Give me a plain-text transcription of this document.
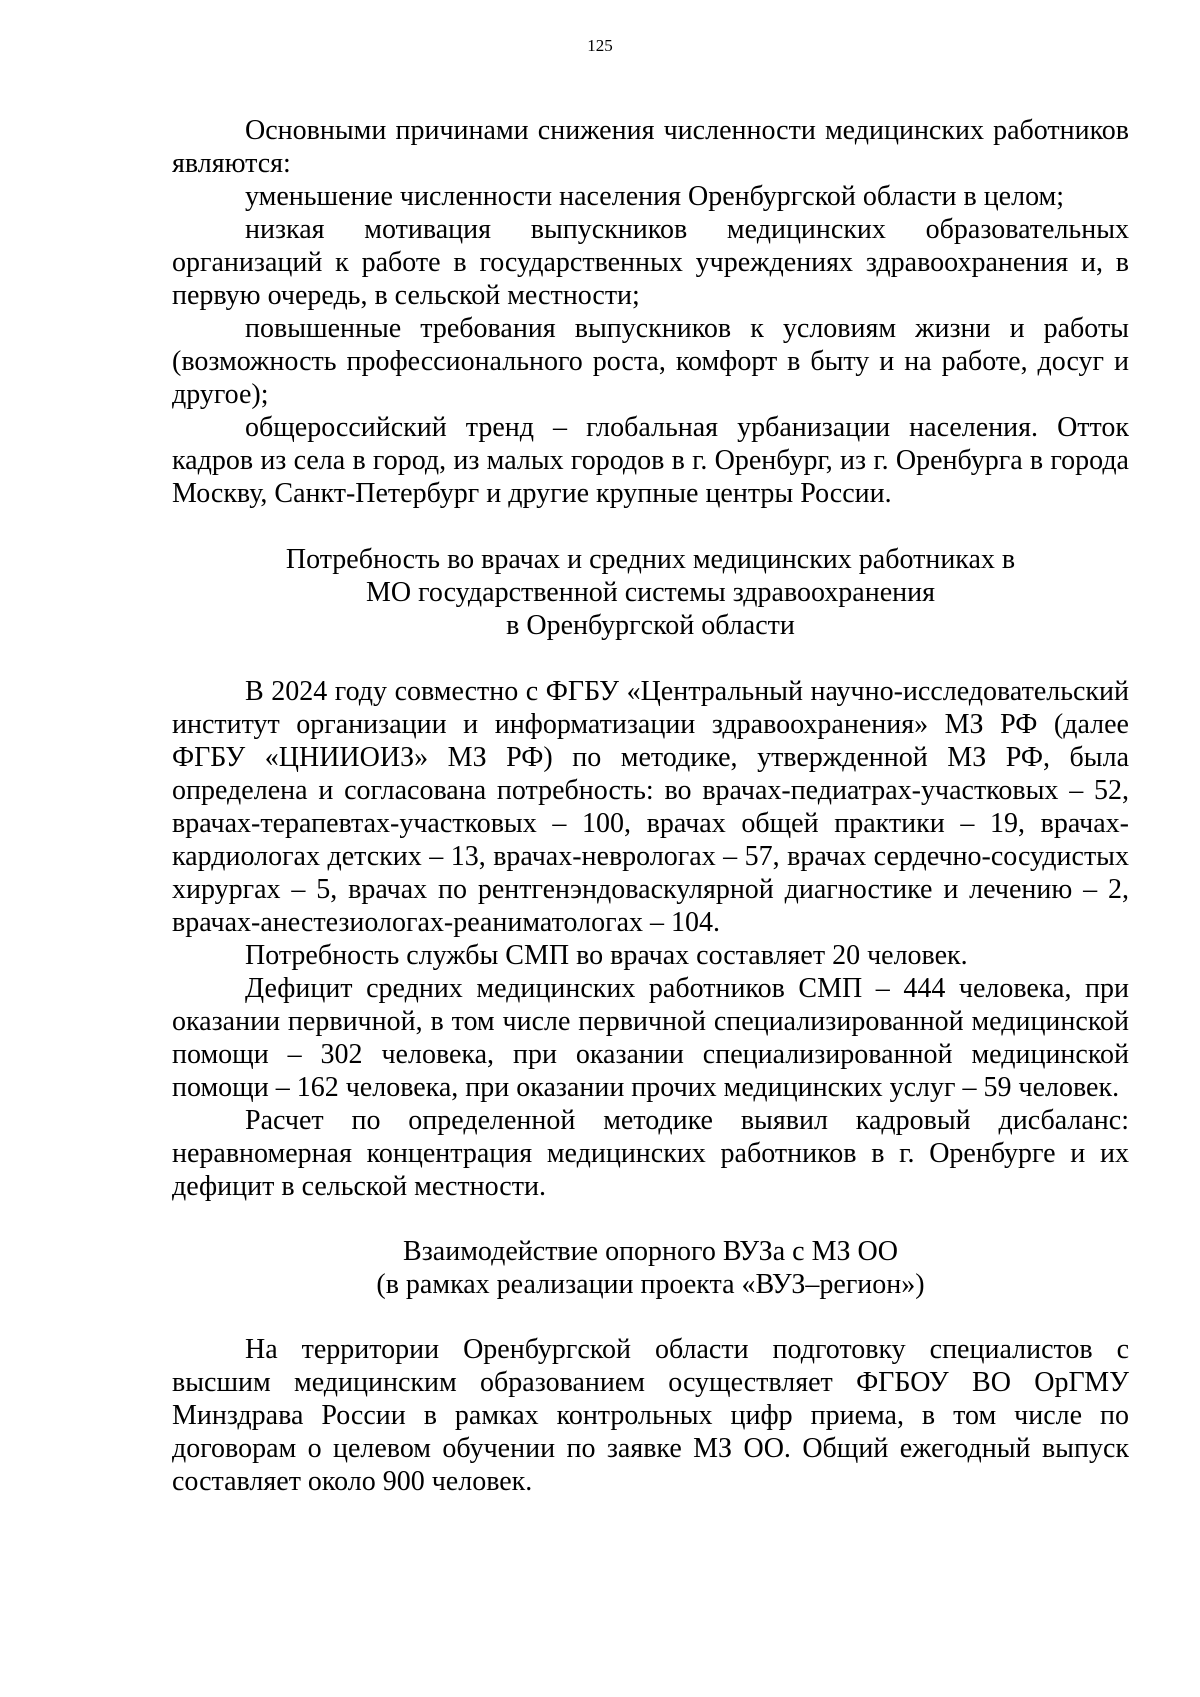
125

Основными причинами снижения численности медицинских работников являются:

уменьшение численности населения Оренбургской области в целом;

низкая мотивация выпускников медицинских образовательных организаций к работе в государственных учреждениях здравоохранения и, в первую очередь, в сельской местности;

повышенные требования выпускников к условиям жизни и работы (возможность профессионального роста, комфорт в быту и на работе, досуг и другое);

общероссийский тренд – глобальная урбанизации населения. Отток кадров из села в город, из малых городов в г. Оренбург, из г. Оренбурга в города Москву, Санкт-Петербург и другие крупные центры России.

Потребность во врачах и средних медицинских работниках в
МО государственной системы здравоохранения
в Оренбургской области

В 2024 году совместно с ФГБУ «Центральный научно-исследовательский институт организации и информатизации здравоохранения» МЗ РФ (далее ФГБУ «ЦНИИОИЗ» МЗ РФ) по методике, утвержденной МЗ РФ, была определена и согласована потребность: во врачах-педиатрах-участковых – 52, врачах-терапевтах-участковых – 100, врачах общей практики – 19, врачах-кардиологах детских – 13, врачах-неврологах – 57, врачах сердечно-сосудистых хирургах – 5, врачах по рентгенэндоваскулярной диагностике и лечению – 2, врачах-анестезиологах-реаниматологах – 104.

Потребность службы СМП во врачах составляет 20 человек.

Дефицит средних медицинских работников СМП – 444 человека, при оказании первичной, в том числе первичной специализированной медицинской помощи – 302 человека, при оказании специализированной медицинской помощи – 162 человека, при оказании прочих медицинских услуг – 59 человек.

Расчет по определенной методике выявил кадровый дисбаланс: неравномерная концентрация медицинских работников в г. Оренбурге и их дефицит в сельской местности.

Взаимодействие опорного ВУЗа с МЗ ОО
(в рамках реализации проекта «ВУЗ–регион»)

На территории Оренбургской области подготовку специалистов с высшим медицинским образованием осуществляет ФГБОУ ВО ОрГМУ Минздрава России в рамках контрольных цифр приема, в том числе по договорам о целевом обучении по заявке МЗ ОО. Общий ежегодный выпуск составляет около 900 человек.
